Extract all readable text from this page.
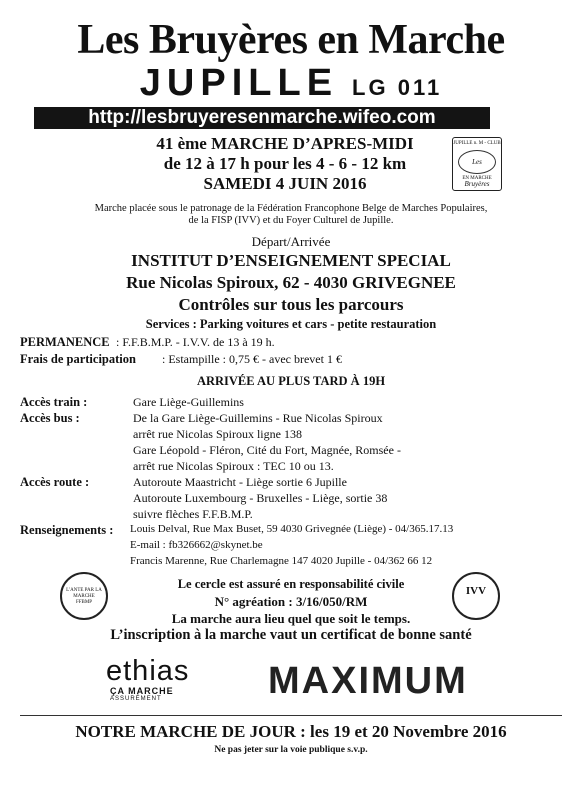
Les Bruyères en Marche
JUPILLE LG 011
http://lesbruyeresenmarche.wifeo.com
41 ème MARCHE D’APRES-MIDI
de 12 à 17 h pour les 4 - 6 - 12 km
SAMEDI 4 JUIN 2016
Marche placée sous le patronage de la Fédération Francophone Belge de Marches Populaires,
de la FISP (IVV) et du Foyer Culturel de Jupille.
JUPILLE n. M - CLUB
Les Bruyères
EN MARCHE
Départ/Arrivée
INSTITUT D’ENSEIGNEMENT SPECIAL
Rue Nicolas Spiroux, 62 - 4030 GRIVEGNEE
Contrôles sur tous les parcours
Services : Parking voitures et cars - petite restauration
PERMANENCE : F.F.B.M.P. - I.V.V. de 13 à 19 h.
Frais de participation : Estampille : 0,75 € - avec brevet 1 €
ARRIVÉE AU PLUS TARD À 19H
Accès train :	Gare Liège-Guillemins
Accès bus :	De la Gare Liège-Guillemins - Rue Nicolas Spiroux
arrêt rue Nicolas Spiroux ligne 138
Gare Léopold - Fléron, Cité du Fort, Magnée, Romsée -
arrêt rue Nicolas Spiroux : TEC 10 ou 13.
Accès route :	Autoroute Maastricht - Liège sortie 6 Jupille
Autoroute Luxembourg - Bruxelles - Liège, sortie 38
suivre flèches F.F.B.M.P.
Renseignements : Louis Delval, Rue Max Buset, 59 4030 Grivegnée (Liège) - 04/365.17.13
E-mail : fb326662@skynet.be
Francis Marenne, Rue Charlemagne 147 4020 Jupille - 04/362 66 12
L'ANTE PAR LA MARCHE
FFBMP
IVV
Le cercle est assuré en responsabilité civile
N° agréation : 3/16/050/RM
La marche aura lieu quel que soit le temps.
L’inscription à la marche vaut un certificat de bonne santé
ethias
ÇA MARCHE
ASSURÉMENT	MAXIMUM
NOTRE MARCHE DE JOUR : les 19 et 20 Novembre 2016
Ne pas jeter sur la voie publique s.v.p.
